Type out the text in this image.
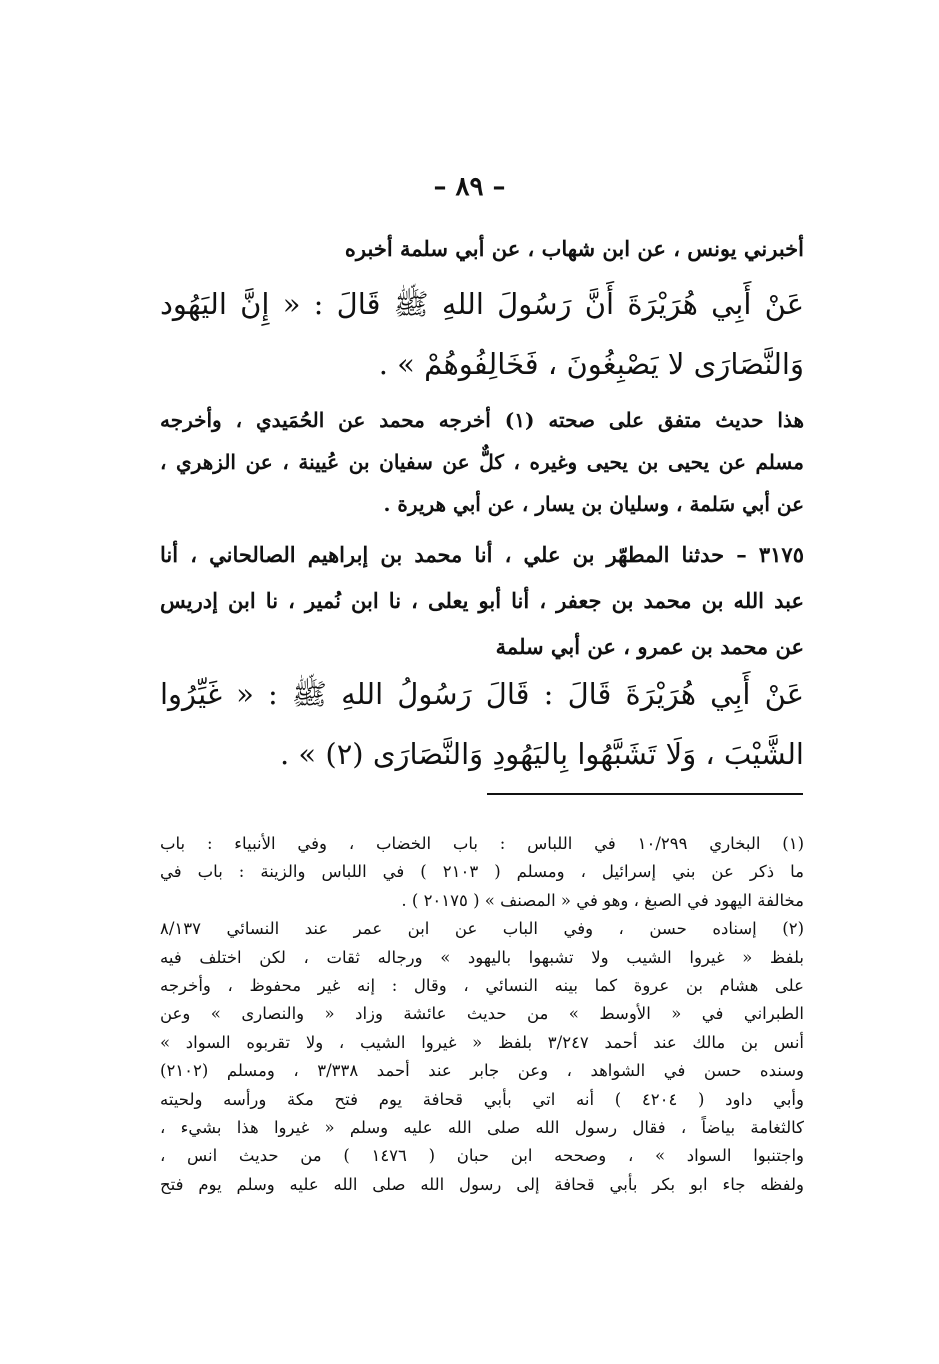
– ٨٩ –
أخبرني يونس ، عن ابن شهاب ، عن أبي سلمة أخبره
عَنْ أَبِي هُرَيْرَةَ أَنَّ رَسُولَ اللهِ ﷺ قَالَ : « إِنَّ اليَهُود
وَالنَّصَارَى لا يَصْبِغُونَ ، فَخَالِفُوهُمْ » .
هذا حديث متفق على صحته (١) أخرجه محمد عن الحُمَيدي ، وأخرجه
مسلم عن يحيى بن يحيى وغيره ، كلٌّ عن سفيان بن عُيينة ، عن الزهري ،
عن أبي سَلمة ، وسليان بن يسار ، عن أبي هريرة .
٣١٧٥ – حدثنا المطهّر بن علي ، أنا محمد بن إبراهيم الصالحاني ، أنا
عبد الله بن محمد بن جعفر ، أنا أبو يعلى ، نا ابن نُمير ، نا ابن إدريس
عن محمد بن عمرو ، عن أبي سلمة
عَنْ أَبِي هُرَيْرَةَ قَالَ : قَالَ رَسُولُ اللهِ ﷺ : « غَيِّرُوا
الشَّيْبَ ، وَلَا تَشَبَّهُوا بِاليَهُودِ وَالنَّصَارَى (٢) » .
(١) البخاري ١٠/٢٩٩ في اللباس : باب الخضاب ، وفي الأنبياء : باب
ما ذكر عن بني إسرائيل ، ومسلم ( ٢١٠٣ ) في اللباس والزينة : باب في
مخالفة اليهود في الصبغ ، وهو في « المصنف » ( ٢٠١٧٥ ) .
(٢) إسناده حسن ، وفي الباب عن ابن عمر عند النسائي ٨/١٣٧
بلفظ « غيروا الشيب ولا تشبهوا باليهود » ورجاله ثقات ، لكن اختلف فيه
على هشام بن عروة كما بينه النسائي ، وقال : إنه غير محفوظ ، وأخرجه
الطبراني في « الأوسط » من حديث عائشة وزاد « والنصارى » وعن
أنس بن مالك عند أحمد ٣/٢٤٧ بلفظ « غيروا الشيب ، ولا تقربوه السواد »
وسنده حسن في الشواهد ، وعن جابر عند أحمد ٣/٣٣٨ ، ومسلم (٢١٠٢)
وأبي داود ( ٤٢٠٤ ) أنه اتي بأبي قحافة يوم فتح مكة ورأسه ولحيته
كالثغامة بياضاً ، فقال رسول الله صلى الله عليه وسلم « غيروا هذا بشيء ،
واجتنبوا السواد » ، وصححه ابن حبان ( ١٤٧٦ ) من حديث انس ،
ولفظه جاء ابو بكر بأبي قحافة إلى رسول الله صلى الله عليه وسلم يوم فتح
